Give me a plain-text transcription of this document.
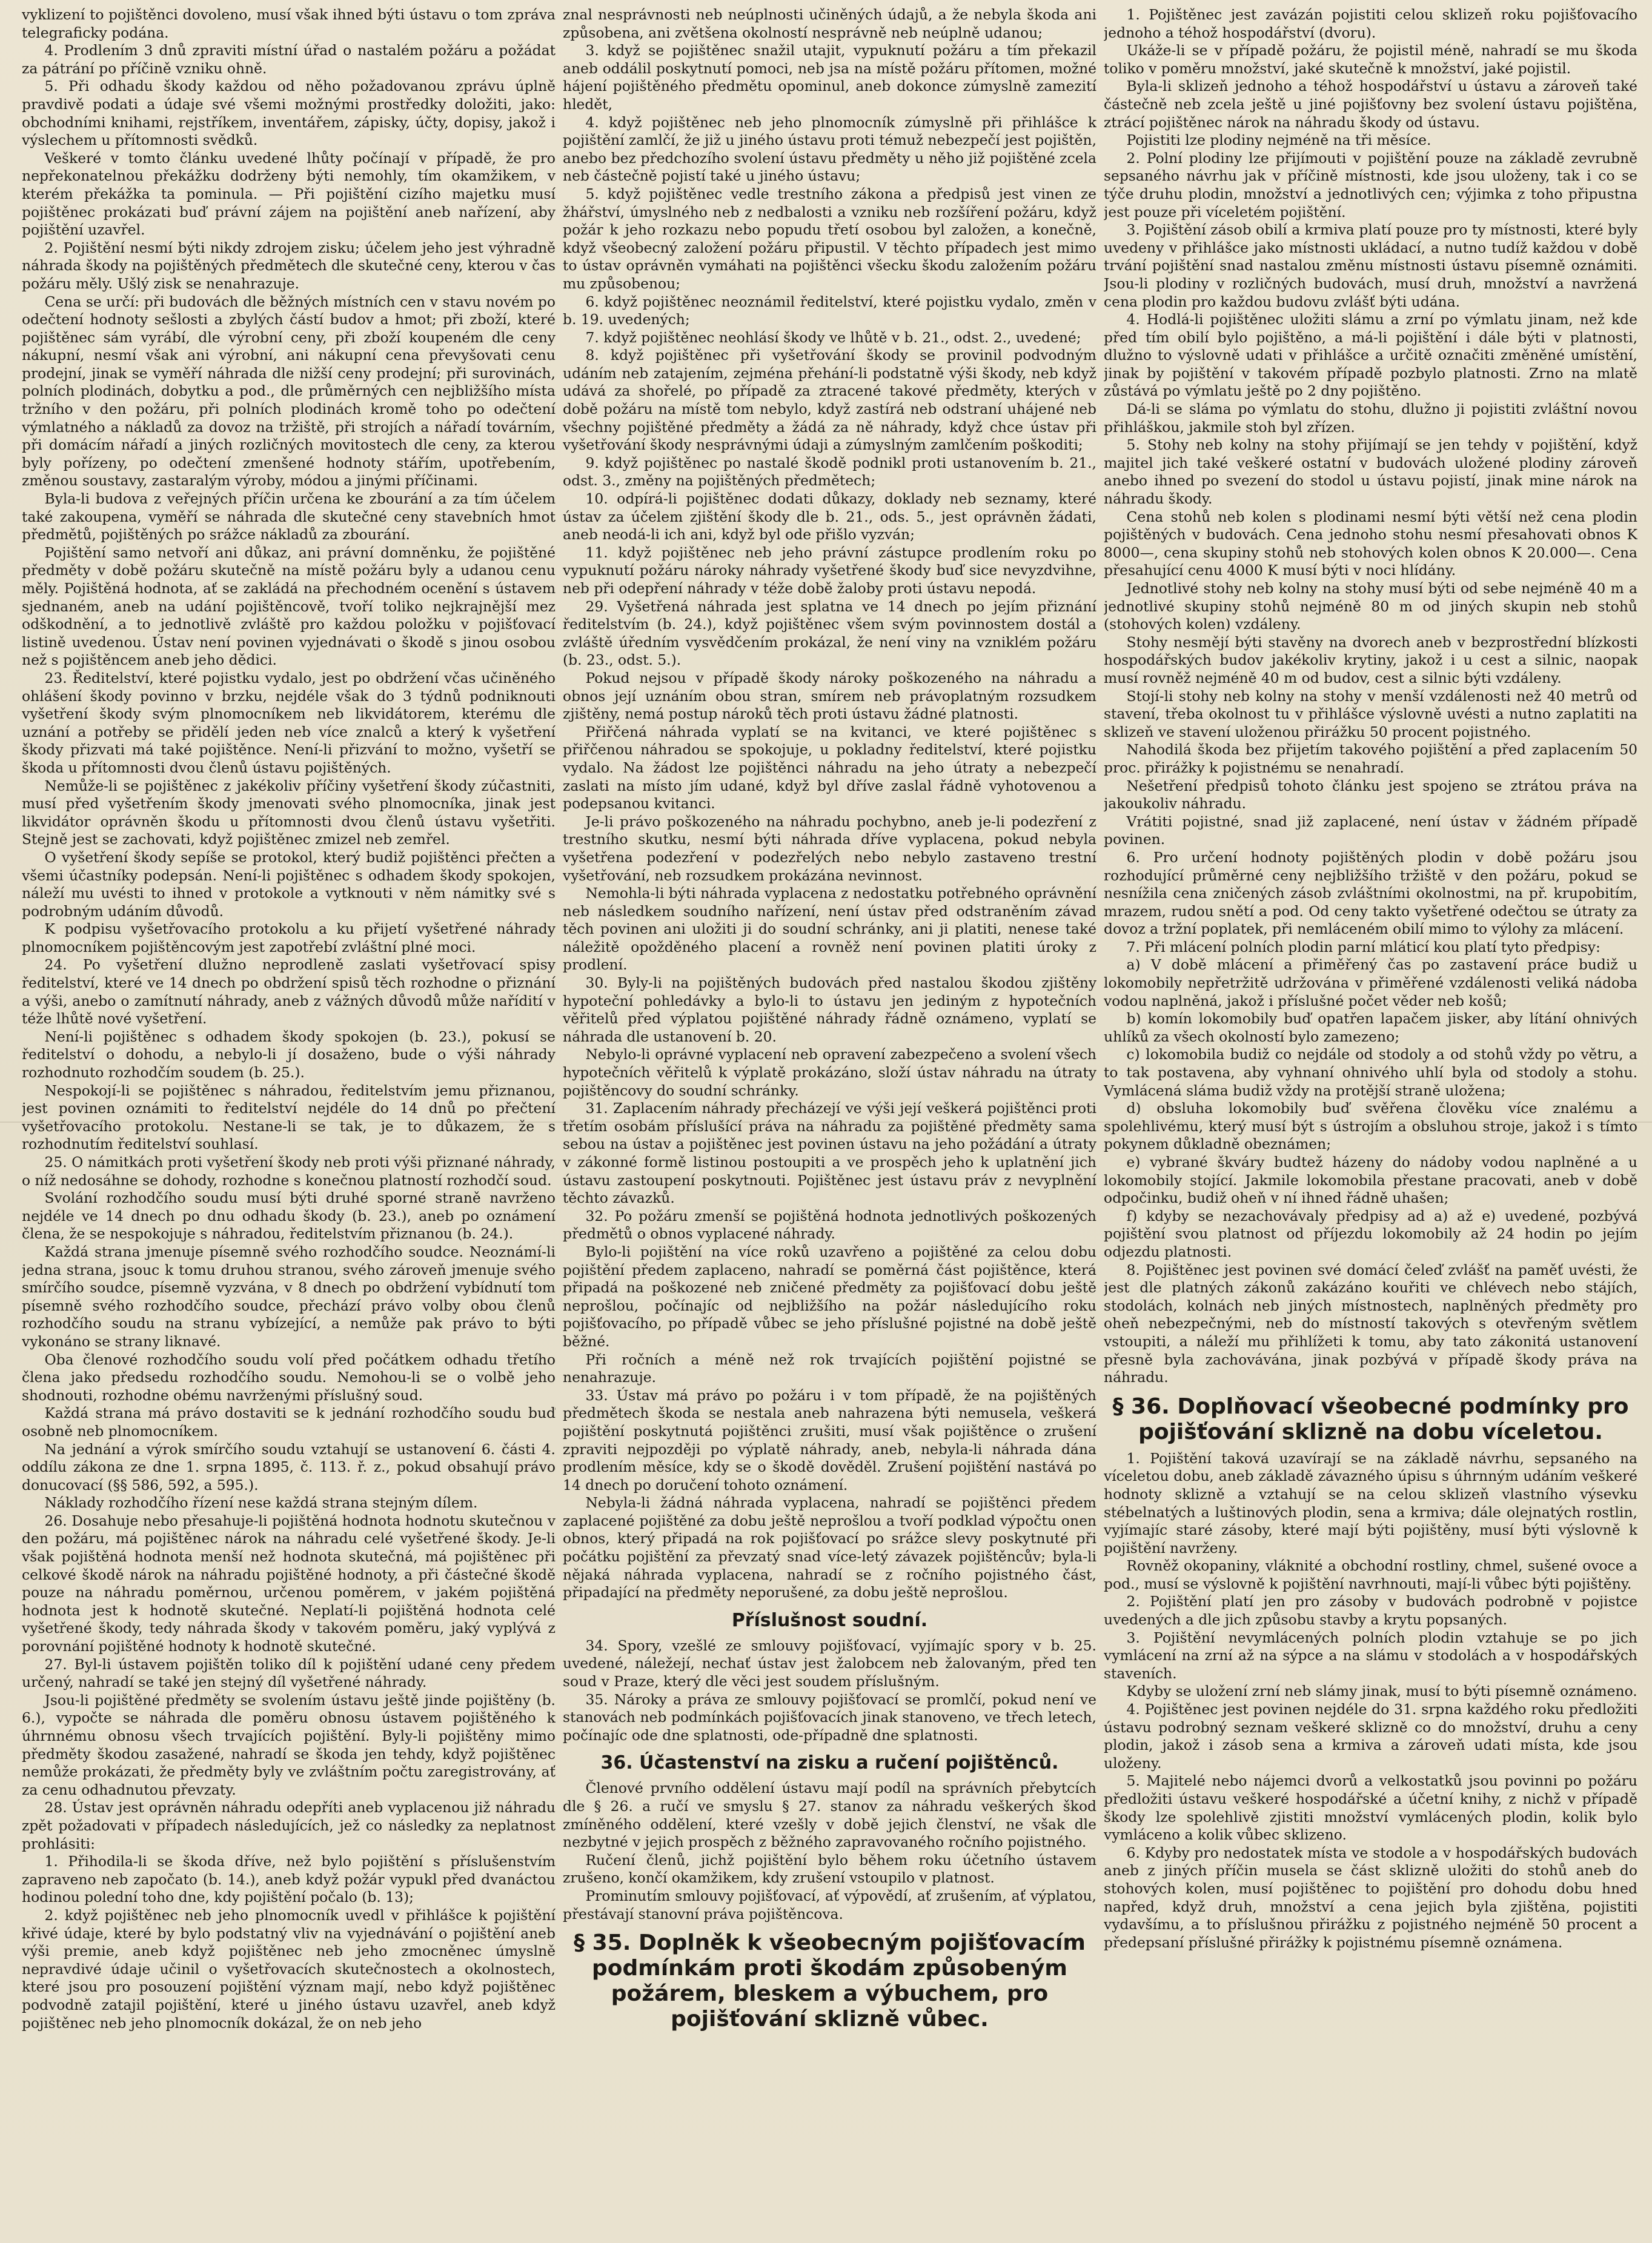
vyklizení to pojištěnci dovoleno, musí však ihned býti ústavu o tom zpráva telegraficky podána.

4. Prodlením 3 dnů zpraviti místní úřad o nastalém požáru a požádat za pátrání po příčině vzniku ohně.

5. Při odhadu škody každou od něho požadovanou zprávu úplně pravdivě podati a údaje své všemi možnými prostředky doložiti, jako: obchodními knihami, rejstříkem, inventářem, zápisky, účty, dopisy, jakož i výslechem u přítomnosti svědků.

Veškeré v tomto článku uvedené lhůty počínají v případě, že pro nepřekonatelnou překážku dodrženy býti nemohly, tím okamžikem, v kterém překážka ta pominula. — Při pojištění cizího majetku musí pojištěnec prokázati buď právní zájem na pojištění aneb nařízení, aby pojištění uzavřel.

2. Pojištění nesmí býti nikdy zdrojem zisku; účelem jeho jest výhradně náhrada škody na pojištěných předmětech dle skutečné ceny, kterou v čas požáru měly. Ušlý zisk se nenahrazuje.

Cena se určí: při budovách dle běžných místních cen v stavu novém po odečtení hodnoty sešlosti a zbylých částí budov a hmot; při zboží, které pojištěnec sám vyrábí, dle výrobní ceny, při zboží koupeném dle ceny nákupní, nesmí však ani výrobní, ani nákupní cena převyšovati cenu prodejní, jinak se vyměří náhrada dle nižší ceny prodejní; při surovinách, polních plodinách, dobytku a pod., dle průměrných cen nejbližšího místa tržního v den požáru, při polních plodinách kromě toho po odečtení výmlatného a nákladů za dovoz na tržiště, při strojích a nářadí továrním, při domácím nářadí a jiných rozličných movitostech dle ceny, za kterou byly pořízeny, po odečtení zmenšené hodnoty stářím, upotřebením, změnou soustavy, zastaralým výroby, módou a jinými příčinami.

Byla-li budova z veřejných příčin určena ke zbourání a za tím účelem také zakoupena, vyměří se náhrada dle skutečné ceny stavebních hmot předmětů, pojištěných po srážce nákladů za zbourání.

Pojištění samo netvoří ani důkaz, ani právní domněnku, že pojištěné předměty v době požáru skutečně na místě požáru byly a udanou cenu měly. Pojištěná hodnota, ať se zakládá na přechodném ocenění s ústavem sjednaném, aneb na udání pojištěncově, tvoří toliko nejkrajnější mez odškodnění, a to jednotlivě zvláště pro každou položku v pojišťovací listině uvedenou. Ústav není povinen vyjednávati o škodě s jinou osobou než s pojištěncem aneb jeho dědici.

23. Ředitelství, které pojistku vydalo, jest po obdržení včas učiněného ohlášení škody povinno v brzku, nejdéle však do 3 týdnů podniknouti vyšetření škody svým plnomocníkem neb likvidátorem, kterému dle uznání a potřeby se přidělí jeden neb více znalců a který k vyšetření škody přizvati má také pojištěnce. Není-li přizvání to možno, vyšetří se škoda u přítomnosti dvou členů ústavu pojištěných.

Nemůže-li se pojištěnec z jakékoliv příčiny vyšetření škody zúčastniti, musí před vyšetřením škody jmenovati svého plnomocníka, jinak jest likvidátor oprávněn škodu u přítomnosti dvou členů ústavu vyšetřiti. Stejně jest se zachovati, když pojištěnec zmizel neb zemřel.

O vyšetření škody sepíše se protokol, který budiž pojištěnci přečten a všemi účastníky podepsán. Není-li pojištěnec s odhadem škody spokojen, náleží mu uvésti to ihned v protokole a vytknouti v něm námitky své s podrobným udáním důvodů.

K podpisu vyšetřovacího protokolu a ku přijetí vyšetřené náhrady plnomocníkem pojištěncovým jest zapotřebí zvláštní plné moci.

24. Po vyšetření dlužno neprodleně zaslati vyšetřovací spisy ředitelství, které ve 14 dnech po obdržení spisů těch rozhodne o přiznání a výši, anebo o zamítnutí náhrady, aneb z vážných důvodů může nařídití v téže lhůtě nové vyšetření.

Není-li pojištěnec s odhadem škody spokojen (b. 23.), pokusí se ředitelství o dohodu, a nebylo-li jí dosaženo, bude o výši náhrady rozhodnuto rozhodčím soudem (b. 25.).

Nespokojí-li se pojištěnec s náhradou, ředitelstvím jemu přiznanou, jest povinen oznámiti to ředitelství nejdéle do 14 dnů po přečtení vyšetřovacího protokolu. Nestane-li se tak, je to důkazem, že s rozhodnutím ředitelství souhlasí.

25. O námitkách proti vyšetření škody neb proti výši přiznané náhrady, o níž nedosáhne se dohody, rozhodne s konečnou platností rozhodčí soud.

Svolání rozhodčího soudu musí býti druhé sporné straně navrženo nejdéle ve 14 dnech po dnu odhadu škody (b. 23.), aneb po oznámení člena, že se nespokojuje s náhradou, ředitelstvím přiznanou (b. 24.).

Každá strana jmenuje písemně svého rozhodčího soudce. Neoznámí-li jedna strana, jsouc k tomu druhou stranou, svého zároveň jmenuje svého smírčího soudce, písemně vyzvána, v 8 dnech po obdržení vybídnutí tom písemně svého rozhodčího soudce, přechází právo volby obou členů rozhodčího soudu na stranu vybízející, a nemůže pak právo to býti vykonáno se strany liknavé.

Oba členové rozhodčího soudu volí před počátkem odhadu třetího člena jako předsedu rozhodčího soudu. Nemohou-li se o volbě jeho shodnouti, rozhodne obému navrženými příslušný soud.

Každá strana má právo dostaviti se k jednání rozhodčího soudu buď osobně neb plnomocníkem.

Na jednání a výrok smírčího soudu vztahují se ustanovení 6. části 4. oddílu zákona ze dne 1. srpna 1895, č. 113. ř. z., pokud obsahují právo donucovací (§§ 586, 592, a 595.).

Náklady rozhodčího řízení nese každá strana stejným dílem.

26. Dosahuje nebo přesahuje-li pojištěná hodnota hodnotu skutečnou v den požáru, má pojištěnec nárok na náhradu celé vyšetřené škody. Je-li však pojištěná hodnota menší než hodnota skutečná, má pojištěnec při celkové škodě nárok na náhradu pojištěné hodnoty, a při částečné škodě pouze na náhradu poměrnou, určenou poměrem, v jakém pojištěná hodnota jest k hodnotě skutečné. Neplatí-li pojištěná hodnota celé vyšetřené škody, tedy náhrada škody v takovém poměru, jaký vyplývá z porovnání pojištěné hodnoty k hodnotě skutečné.

27. Byl-li ústavem pojištěn toliko díl k pojištění udané ceny předem určený, nahradí se také jen stejný díl vyšetřené náhrady.

Jsou-li pojištěné předměty se svolením ústavu ještě jinde pojištěny (b. 6.), vypočte se náhrada dle poměru obnosu ústavem pojištěného k úhrnnému obnosu všech trvajících pojištění. Byly-li pojištěny mimo předměty škodou zasažené, nahradí se škoda jen tehdy, když pojištěnec nemůže prokázati, že předměty byly ve zvláštním počtu zaregistrovány, ať za cenu odhadnutou převzaty.

28. Ústav jest oprávněn náhradu odepříti aneb vyplacenou již náhradu zpět požadovati v případech následujících, jež co následky za neplatnost prohlásiti:

1. Přihodila-li se škoda dříve, než bylo pojištění s příslušenstvím zapraveno neb započato (b. 14.), aneb když požár vypukl před dvanáctou hodinou polední toho dne, kdy pojištění počalo (b. 13);

2. když pojištěnec neb jeho plnomocník uvedl v přihlášce k pojištění křivé údaje, které by bylo podstatný vliv na vyjednávání o pojištění aneb výši premie, aneb když pojištěnec neb jeho zmocněnec úmyslně nepravdivé údaje učinil o vyšetřovacích skutečnostech a okolnostech, které jsou pro posouzení pojištění význam mají, nebo když pojištěnec podvodně zatajil pojištění, které u jiného ústavu uzavřel, aneb když pojištěnec neb jeho plnomocník dokázal, že on neb jeho

znal nesprávnosti neb neúplnosti učiněných údajů, a že nebyla škoda ani způsobena, ani zvětšena okolností nesprávně neb neúplně udanou;

3. když se pojištěnec snažil utajit, vypuknutí požáru a tím překazil aneb oddálil poskytnutí pomoci, neb jsa na místě požáru přítomen, možné hájení pojištěného předmětu opominul, aneb dokonce zúmyslně zamezití hledět,

4. když pojištěnec neb jeho plnomocník zúmyslně při přihlášce k pojištění zamlčí, že již u jiného ústavu proti témuž nebezpečí jest pojištěn, anebo bez předchozího svolení ústavu předměty u něho již pojištěné zcela neb částečně pojistí také u jiného ústavu;

5. když pojištěnec vedle trestního zákona a předpisů jest vinen ze žhářství, úmyslného neb z nedbalosti a vzniku neb rozšíření požáru, když požár k jeho rozkazu nebo popudu třetí osobou byl založen, a konečně, když všeobecný založení požáru připustil. V těchto případech jest mimo to ústav oprávněn vymáhati na pojištěnci všecku škodu založením požáru mu způsobenou;

6. když pojištěnec neoznámil ředitelství, které pojistku vydalo, změn v b. 19. uvedených;

7. když pojištěnec neohlásí škody ve lhůtě v b. 21., odst. 2., uvedené;

8. když pojištěnec při vyšetřování škody se provinil podvodným udáním neb zatajením, zejména přehání-li podstatně výši škody, neb když udává za shořelé, po případě za ztracené takové předměty, kterých v době požáru na místě tom nebylo, když zastírá neb odstraní uhájené neb všechny pojištěné předměty a žádá za ně náhrady, když chce ústav při vyšetřování škody nesprávnými údaji a zúmyslným zamlčením poškoditi;

9. když pojištěnec po nastalé škodě podnikl proti ustanovením b. 21., odst. 3., změny na pojištěných předmětech;

10. odpírá-li pojištěnec dodati důkazy, doklady neb seznamy, které ústav za účelem zjištění škody dle b. 21., ods. 5., jest oprávněn žádati, aneb neodá-li ich ani, když byl ode přišlo vyzván;

11. když pojištěnec neb jeho právní zástupce prodlením roku po vypuknutí požáru nároky náhrady vyšetřené škody buď sice nevyzdvihne, neb při odepření náhrady v téže době žaloby proti ústavu nepodá.

29. Vyšetřená náhrada jest splatna ve 14 dnech po jejím přiznání ředitelstvím (b. 24.), když pojištěnec všem svým povinnostem dostál a zvláště úředním vysvědčením prokázal, že není viny na vzniklém požáru (b. 23., odst. 5.).

Pokud nejsou v případě škody nároky poškozeného na náhradu a obnos její uznáním obou stran, smírem neb právoplatným rozsudkem zjištěny, nemá postup nároků těch proti ústavu žádné platnosti.

Přiřčená náhrada vyplatí se na kvitanci, ve které pojištěnec s přiřčenou náhradou se spokojuje, u pokladny ředitelství, které pojistku vydalo. Na žádost lze pojištěnci náhradu na jeho útraty a nebezpečí zaslati na místo jím udané, když byl dříve zaslal řádně vyhotovenou a podepsanou kvitanci.

Je-li právo poškozeného na náhradu pochybno, aneb je-li podezření z trestního skutku, nesmí býti náhrada dříve vyplacena, pokud nebyla vyšetřena podezření v podezřelých nebo nebylo zastaveno trestní vyšetřování, neb rozsudkem prokázána nevinnost.

Nemohla-li býti náhrada vyplacena z nedostatku potřebného oprávnění neb následkem soudního nařízení, není ústav před odstraněním závad těch povinen ani uložiti ji do soudní schránky, ani ji platiti, nenese také náležitě opožděného placení a rovněž není povinen platiti úroky z prodlení.

30. Byly-li na pojištěných budovách před nastalou škodou zjištěny hypoteční pohledávky a bylo-li to ústavu jen jediným z hypotečních věřitelů před výplatou pojištěné náhrady řádně oznámeno, vyplatí se náhrada dle ustanovení b. 20.

Nebylo-li oprávné vyplacení neb opravení zabezpečeno a svolení všech hypotečních věřitelů k výplatě prokázáno, složí ústav náhradu na útraty pojištěncovy do soudní schránky.

31. Zaplacením náhrady přecházejí ve výši její veškerá pojištěnci proti třetím osobám příslušící práva na náhradu za pojištěné předměty sama sebou na ústav a pojištěnec jest povinen ústavu na jeho požádání a útraty v zákonné formě listinou postoupiti a ve prospěch jeho k uplatnění jich ústavu zastoupení poskytnouti. Pojištěnec jest ústavu práv z nevyplnění těchto závazků.

32. Po požáru zmenší se pojištěná hodnota jednotlivých poškozených předmětů o obnos vyplacené náhrady.

Bylo-li pojištění na více roků uzavřeno a pojištěné za celou dobu pojištění předem zaplaceno, nahradí se poměrná část pojištěnce, která připadá na poškozené neb zničené předměty za pojišťovací dobu ještě neprošlou, počínajíc od nejbližšího na požár následujícího roku pojišťovacího, po případě vůbec se jeho příslušné pojistné na době ještě běžné.

Při ročních a méně než rok trvajících pojištění pojistné se nenahrazuje.

33. Ústav má právo po požáru i v tom případě, že na pojištěných předmětech škoda se nestala aneb nahrazena býti nemusela, veškerá pojištění poskytnutá pojištěnci zrušiti, musí však pojištěnce o zrušení zpraviti nejpozději po výplatě náhrady, aneb, nebyla-li náhrada dána prodlením měsíce, kdy se o škodě dověděl. Zrušení pojištění nastává po 14 dnech po doručení tohoto oznámení.

Nebyla-li žádná náhrada vyplacena, nahradí se pojištěnci předem zaplacené pojištěné za dobu ještě neprošlou a tvoří podklad výpočtu onen obnos, který připadá na rok pojišťovací po srážce slevy poskytnuté při počátku pojištění za převzatý snad více-letý závazek pojištěncův; byla-li nějaká náhrada vyplacena, nahradí se z ročního pojistného část, připadající na předměty neporušené, za dobu ještě neprošlou.

Příslušnost soudní.

34. Spory, vzešlé ze smlouvy pojišťovací, vyjímajíc spory v b. 25. uvedené, náležejí, nechať ústav jest žalobcem neb žalovaným, před ten soud v Praze, který dle věci jest soudem příslušným.

35. Nároky a práva ze smlouvy pojišťovací se promlčí, pokud není ve stanovách neb podmínkách pojišťovacích jinak stanoveno, ve třech letech, počínajíc ode dne splatnosti, ode-případně dne splatnosti.

36. Účastenství na zisku a ručení pojištěnců.

Členové prvního oddělení ústavu mají podíl na správních přebytcích dle § 26. a ručí ve smyslu § 27. stanov za náhradu veškerých škod zmíněného oddělení, které vzešly v době jejich členství, ne však dle nezbytné v jejich prospěch z běžného zapravovaného ročního pojistného.

Ručení členů, jichž pojištění bylo během roku účetního ústavem zrušeno, končí okamžikem, kdy zrušení vstoupilo v platnost.

Prominutím smlouvy pojišťovací, ať výpovědí, ať zrušením, ať výplatou, přestávají stanovní práva pojištěncova.

§ 35. Doplněk k všeobecným pojišťovacím podmínkám proti škodám způsobeným požárem, bleskem a výbuchem, pro pojišťování sklizně vůbec.

1. Pojištěnec jest zavázán pojistiti celou sklizeň roku pojišťovacího jednoho a téhož hospodářství (dvoru).

Ukáže-li se v případě požáru, že pojistil méně, nahradí se mu škoda toliko v poměru množství, jaké skutečně k množství, jaké pojistil.

Byla-li sklizeň jednoho a téhož hospodářství u ústavu a zároveň také částečně neb zcela ještě u jiné pojišťovny bez svolení ústavu pojištěna, ztrácí pojištěnec nárok na náhradu škody od ústavu.

Pojistiti lze plodiny nejméně na tři měsíce.

2. Polní plodiny lze přijímouti v pojištění pouze na základě zevrubně sepsaného návrhu jak v příčině místnosti, kde jsou uloženy, tak i co se týče druhu plodin, množství a jednotlivých cen; výjimka z toho připustna jest pouze při víceletém pojištění.

3. Pojištění zásob obilí a krmiva platí pouze pro ty místnosti, které byly uvedeny v přihlášce jako místnosti ukládací, a nutno tudíž každou v době trvání pojištění snad nastalou změnu místnosti ústavu písemně oznámiti. Jsou-li plodiny v rozličných budovách, musí druh, množství a navržená cena plodin pro každou budovu zvlášť býti udána.

4. Hodlá-li pojištěnec uložiti slámu a zrní po výmlatu jinam, než kde před tím obilí bylo pojištěno, a má-li pojištění i dále býti v platnosti, dlužno to výslovně udati v přihlášce a určitě označiti změněné umístění, jinak by pojištění v takovém případě pozbylo platnosti. Zrno na mlatě zůstává po výmlatu ještě po 2 dny pojištěno.

Dá-li se sláma po výmlatu do stohu, dlužno ji pojistiti zvláštní novou přihláškou, jakmile stoh byl zřízen.

5. Stohy neb kolny na stohy přijímají se jen tehdy v pojištění, když majitel jich také veškeré ostatní v budovách uložené plodiny zároveň anebo ihned po svezení do stodol u ústavu pojistí, jinak mine nárok na náhradu škody.

Cena stohů neb kolen s plodinami nesmí býti větší než cena plodin pojištěných v budovách. Cena jednoho stohu nesmí přesahovati obnos K 8000—, cena skupiny stohů neb stohových kolen obnos K 20.000—. Cena přesahující cenu 4000 K musí býti v noci hlídány.

Jednotlivé stohy neb kolny na stohy musí býti od sebe nejméně 40 m a jednotlivé skupiny stohů nejméně 80 m od jiných skupin neb stohů (stohových kolen) vzdáleny.

Stohy nesmějí býti stavěny na dvorech aneb v bezprostřední blízkosti hospodářských budov jakékoliv krytiny, jakož i u cest a silnic, naopak musí rovněž nejméně 40 m od budov, cest a silnic býti vzdáleny.

Stojí-li stohy neb kolny na stohy v menší vzdálenosti než 40 metrů od stavení, třeba okolnost tu v přihlášce výslovně uvésti a nutno zaplatiti na sklizeň ve stavení uloženou přirážku 50 procent pojistného.

Nahodilá škoda bez přijetím takového pojištění a před zaplacením 50 proc. přirážky k pojistnému se nenahradí.

Nešetření předpisů tohoto článku jest spojeno se ztrátou práva na jakoukoliv náhradu.

Vrátiti pojistné, snad již zaplacené, není ústav v žádném případě povinen.

6. Pro určení hodnoty pojištěných plodin v době požáru jsou rozhodující průměrné ceny nejbližšího tržiště v den požáru, pokud se nesnížila cena zničených zásob zvláštními okolnostmi, na př. krupobitím, mrazem, rudou snětí a pod. Od ceny takto vyšetřené odečtou se útraty za dovoz a tržní poplatek, při nemláceném obilí mimo to výlohy za mlácení.

7. Při mlácení polních plodin parní mláticí kou platí tyto předpisy:

a) V době mlácení a přiměřený čas po zastavení práce budiž u lokomobily nepřetržitě udržována v přiměřené vzdálenosti veliká nádoba vodou naplněná, jakož i příslušné počet věder neb košů;

b) komín lokomobily buď opatřen lapačem jisker, aby lítání ohnivých uhlíků za všech okolností bylo zamezeno;

c) lokomobila budiž co nejdále od stodoly a od stohů vždy po větru, a to tak postavena, aby vyhnaní ohnivého uhlí byla od stodoly a stohu. Vymlácená sláma budiž vždy na protější straně uložena;

d) obsluha lokomobily buď svěřena člověku více znalému a spolehlivému, který musí být s ústrojím a obsluhou stroje, jakož i s tímto pokynem důkladně obeznámen;

e) vybrané škváry budtež házeny do nádoby vodou naplněné a u lokomobily stojící. Jakmile lokomobila přestane pracovati, aneb v době odpočinku, budiž oheň v ní ihned řádně uhašen;

f) kdyby se nezachovávaly předpisy ad a) až e) uvedené, pozbývá pojištění svou platnost od příjezdu lokomobily až 24 hodin po jejím odjezdu platnosti.

8. Pojištěnec jest povinen své domácí čeleď zvlášť na paměť uvésti, že jest dle platných zákonů zakázáno kouřiti ve chlévech nebo stájích, stodolách, kolnách neb jiných místnostech, naplněných předměty pro oheň nebezpečnými, neb do místností takových s otevřeným světlem vstoupiti, a náleží mu přihlížeti k tomu, aby tato zákonitá ustanovení přesně byla zachovávána, jinak pozbývá v případě škody práva na náhradu.

§ 36. Doplňovací všeobecné podmínky pro pojišťování sklizně na dobu víceletou.

1. Pojištění taková uzavírají se na základě návrhu, sepsaného na víceletou dobu, aneb základě závazného úpisu s úhrnným udáním veškeré hodnoty sklizně a vztahují se na celou sklizeň vlastního výsevku stébelnatých a luštinových plodin, sena a krmiva; dále olejnatých rostlin, vyjímajíc staré zásoby, které mají býti pojištěny, musí býti výslovně k pojištění navrženy.

Rovněž okopaniny, vláknité a obchodní rostliny, chmel, sušené ovoce a pod., musí se výslovně k pojištění navrhnouti, mají-li vůbec býti pojištěny.

2. Pojištění platí jen pro zásoby v budovách podrobně v pojistce uvedených a dle jich způsobu stavby a krytu popsaných.

3. Pojištění nevymlácených polních plodin vztahuje se po jich vymlácení na zrní až na sýpce a na slámu v stodolách a v hospodářských staveních.

Kdyby se uložení zrní neb slámy jinak, musí to býti písemně oznámeno.

4. Pojištěnec jest povinen nejdéle do 31. srpna každého roku předložiti ústavu podrobný seznam veškeré sklizně co do množství, druhu a ceny plodin, jakož i zásob sena a krmiva a zároveň udati místa, kde jsou uloženy.

5. Majitelé nebo nájemci dvorů a velkostatků jsou povinni po požáru předložiti ústavu veškeré hospodářské a účetní knihy, z nichž v případě škody lze spolehlivě zjistiti množství vymlácených plodin, kolik bylo vymláceno a kolik vůbec sklizeno.

6. Kdyby pro nedostatek místa ve stodole a v hospodářských budovách aneb z jiných příčin musela se část sklizně uložiti do stohů aneb do stohových kolen, musí pojištěnec to pojištění pro dohodu dobu hned napřed, když druh, množství a cena jejich byla zjištěna, pojistiti vydavšímu, a to příslušnou přirážku z pojistného nejméně 50 procent a předepsaní příslušné přirážky k pojistnému písemně oznámena.
